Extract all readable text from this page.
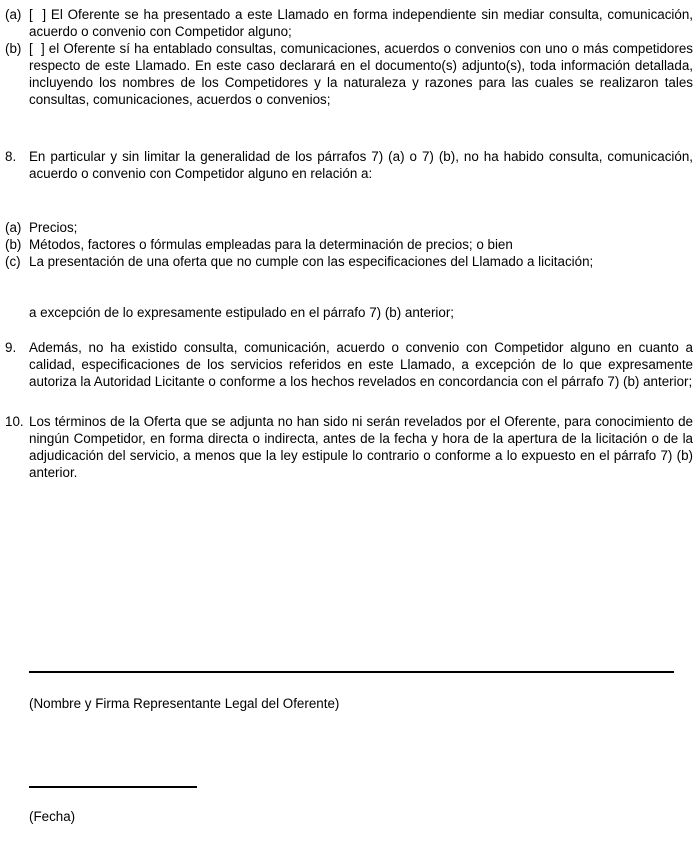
(a) [  ] El Oferente se ha presentado a este Llamado en forma independiente sin mediar consulta, comunicación, acuerdo o convenio con Competidor alguno;
(b) [  ] el Oferente sí ha entablado consultas, comunicaciones, acuerdos o convenios con uno o más competidores respecto de este Llamado. En este caso declarará en el documento(s) adjunto(s), toda información detallada, incluyendo los nombres de los Competidores y la naturaleza y razones para las cuales se realizaron tales consultas, comunicaciones, acuerdos o convenios;
8. En particular y sin limitar la generalidad de los párrafos 7) (a) o 7) (b), no ha habido consulta, comunicación, acuerdo o convenio con Competidor alguno en relación a:
(a) Precios;
(b) Métodos, factores o fórmulas empleadas para la determinación de precios; o bien
(c) La presentación de una oferta que no cumple con las especificaciones del Llamado a licitación;
a excepción de lo expresamente estipulado en el párrafo 7) (b) anterior;
9. Además, no ha existido consulta, comunicación, acuerdo o convenio con Competidor alguno en cuanto a calidad, especificaciones de los servicios referidos en este Llamado, a excepción de lo que expresamente autoriza la Autoridad Licitante o conforme a los hechos revelados en concordancia con el párrafo 7) (b) anterior;
10. Los términos de la Oferta que se adjunta no han sido ni serán revelados por el Oferente, para conocimiento de ningún Competidor, en forma directa o indirecta, antes de la fecha y hora de la apertura de la licitación o de la adjudicación del servicio, a menos que la ley estipule lo contrario o conforme a lo expuesto en el párrafo 7) (b) anterior.
(Nombre y Firma Representante Legal del Oferente)
(Fecha)
